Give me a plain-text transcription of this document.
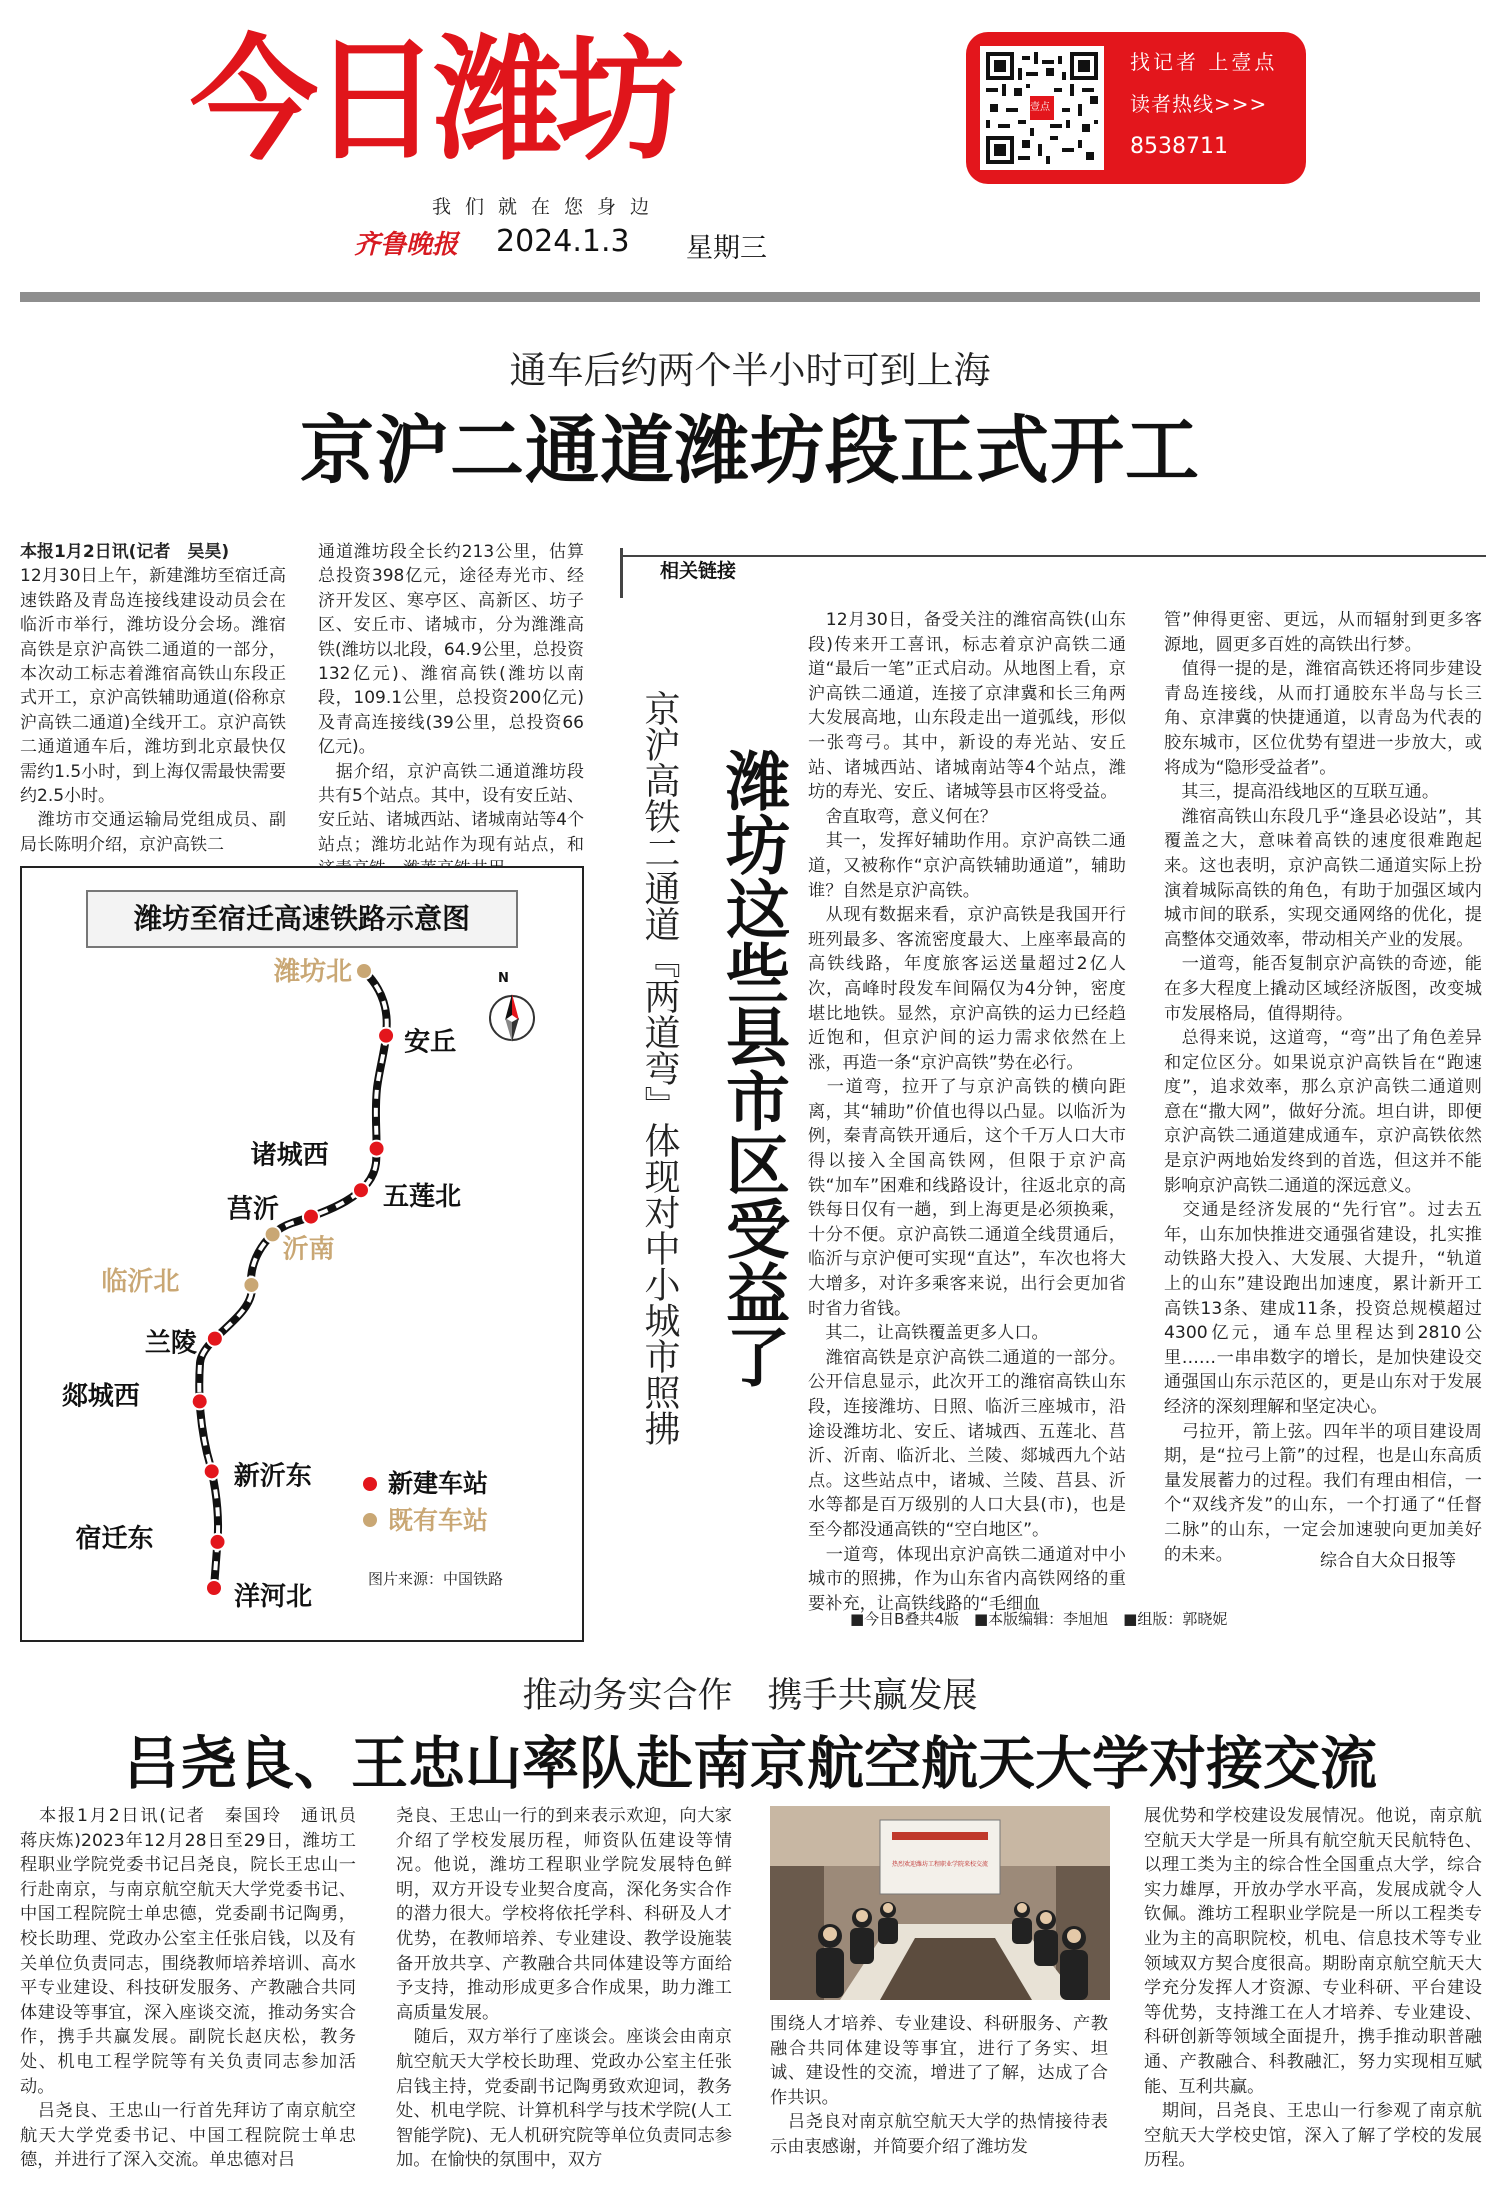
今日潍坊
我们就在您身边
齐鲁晚报 2024.1.3 星期三
壹点
找记者 上壹点
读者热线>>>
8538711
通车后约两个半小时可到上海
京沪二通道潍坊段正式开工
本报1月2日讯(记者　吴昊)
12月30日上午，新建潍坊至宿迁高速铁路及青岛连接线建设动员会在临沂市举行，潍坊设分会场。潍宿高铁是京沪高铁二通道的一部分，本次动工标志着潍宿高铁山东段正式开工，京沪高铁辅助通道(俗称京沪高铁二通道)全线开工。京沪高铁二通道通车后，潍坊到北京最快仅需约1.5小时，到上海仅需最快需要约2.5小时。
　潍坊市交通运输局党组成员、副局长陈明介绍，京沪高铁二
通道潍坊段全长约213公里，估算总投资398亿元，途径寿光市、经济开发区、寒亭区、高新区、坊子区、安丘市、诸城市，分为潍潍高铁(潍坊以北段，64.9公里，总投资132亿元)、潍宿高铁(潍坊以南段，109.1公里，总投资200亿元)及青高连接线(39公里，总投资66亿元)。
　据介绍，京沪高铁二通道潍坊段共有5个站点。其中，设有安丘站、安丘站、诸城西站、诸城南站等4个站点；潍坊北站作为现有站点，和
N
潍坊北
安丘
诸城西
五莲北
莒沂
沂南
临沂北
兰陵
郯城西
新沂东
宿迁东
洋河北
新建车站
既有车站
图片来源：中国铁路
潍坊至宿迁高速铁路示意图
相关链接
京沪高铁二通道『两道弯』体现对中小城市照拂 潍坊这些县市区受益了
　12月30日，备受关注的潍宿高铁(山东段)传来开工喜讯，标志着京沪高铁二通道“最后一笔”正式启动。从地图上看，京沪高铁二通道，连接了京津冀和长三角两大发展高地，山东段走出一道弧线，形似一张弯弓。其中，新设的寿光站、安丘站、诸城西站、诸城南站等4个站点，潍坊的寿光、安丘、诸城等县市区将受益。
　舍直取弯，意义何在？
　其一，发挥好辅助作用。京沪高铁二通道，又被称作“京沪高铁辅助通道”，辅助谁？自然是京沪高铁。
　从现有数据来看，京沪高铁是我国开行班列最多、客流密度最大、上座率最高的高铁线路，年度旅客运送量超过2亿人次，高峰时段发车间隔仅为4分钟，密度堪比地铁。显然，京沪高铁的运力已经趋近饱和，但京沪间的运力需求依然在上涨，再造一条“京沪高铁”势在必行。
　一道弯，拉开了与京沪高铁的横向距离，其“辅助”价值也得以凸显。以临沂为例，秦青高铁开通后，这个千万人口大市得以接入全国高铁网，但限于京沪高铁“加车”困难和线路设计，往返北京的高铁每日仅有一趟，到上海更是必须换乘，十分不便。京沪高铁二通道全线贯通后，临沂与京沪便可实现“直达”，车次也将大大增多，对许多乘客来说，出行会更加省时省力省钱。
　其二，让高铁覆盖更多人口。
　潍宿高铁是京沪高铁二通道的一部分。公开信息显示，此次开工的潍宿高铁山东段，连接潍坊、日照、临沂三座城市，沿途设潍坊北、安丘、诸城西、五莲北、莒沂、沂南、临沂北、兰陵、郯城西九个站点。这些站点中，诸城、兰陵、莒县、沂水等都是百万级别的人口大县(市)，也是至今都没通高铁的“空白地区”。
　一道弯，体现出京沪高铁二通道对中小城市的照拂，作为山东省内高铁网络的重要补充，让高铁线路的“毛细血
管”伸得更密、更远，从而辐射到更多客源地，圆更多百姓的高铁出行梦。
　值得一提的是，潍宿高铁还将同步建设青岛连接线，从而打通胶东半岛与长三角、京津冀的快捷通道，以青岛为代表的胶东城市，区位优势有望进一步放大，或将成为“隐形受益者”。
　其三，提高沿线地区的互联互通。
　潍宿高铁山东段几乎“逢县必设站”，其覆盖之大，意味着高铁的速度很难跑起来。这也表明，京沪高铁二通道实际上扮演着城际高铁的角色，有助于加强区域内城市间的联系，实现交通网络的优化，提高整体交通效率，带动相关产业的发展。
　一道弯，能否复制京沪高铁的奇迹，能在多大程度上撬动区域经济版图，改变城市发展格局，值得期待。
　总得来说，这道弯，“弯”出了角色差异和定位区分。如果说京沪高铁旨在“跑速度”，追求效率，那么京沪高铁二通道则意在“撒大网”，做好分流。坦白讲，即便京沪高铁二通道建成通车，京沪高铁依然是京沪两地始发终到的首选，但这并不能影响京沪高铁二通道的深远意义。
　交通是经济发展的“先行官”。过去五年，山东加快推进交通强省建设，扎实推动铁路大投入、大发展、大提升，“轨道上的山东”建设跑出加速度，累计新开工高铁13条、建成11条，投资总规模超过4300亿元，通车总里程达到2810公里……一串串数字的增长，是加快建设交通强国山东示范区的，更是山东对于发展经济的深刻理解和坚定决心。
　弓拉开，箭上弦。四年半的项目建设周期，是“拉弓上箭”的过程，也是山东高质量发展蓄力的过程。我们有理由相信，一个“双线齐发”的山东，一个打通了“任督二脉”的山东，一定会加速驶向更加美好的未来。	综合自大众日报等
■今日B叠共4版　■本版编辑：李旭旭　■组版：郭晓妮
推动务实合作　携手共赢发展
吕尧良、王忠山率队赴南京航空航天大学对接交流
　本报1月2日讯(记者　秦国玲　通讯员　蒋庆炼)2023年12月28日至29日，潍坊工程职业学院党委书记吕尧良，院长王忠山一行赴南京，与南京航空航天大学党委书记、中国工程院院士单忠德，党委副书记陶勇，校长助理、党政办公室主任张启钱，以及有关单位负责同志，围绕教师培养培训、高水平专业建设、科技研发服务、产教融合共同体建设等事宜，深入座谈交流，推动务实合作，携手共赢发展。副院长赵庆松，教务处、机电工程学院等有关负责同志参加活动。
　吕尧良、王忠山一行首先拜访了南京航空航天大学党委书记、中国工程院院士单忠德，并进行了深入交流。单忠德对吕
尧良、王忠山一行的到来表示欢迎，向大家介绍了学校发展历程，师资队伍建设等情况。他说，潍坊工程职业学院发展特色鲜明，双方开设专业契合度高，深化务实合作的潜力很大。学校将依托学科、科研及人才优势，在教师培养、专业建设、教学设施装备开放共享、产教融合共同体建设等方面给予支持，推动形成更多合作成果，助力潍工高质量发展。
　随后，双方举行了座谈会。座谈会由南京航空航天大学校长助理、党政办公室主任张启钱主持，党委副书记陶勇致欢迎词，教务处、机电学院、计算机科学与技术学院(人工智能学院)、无人机研究院等单位负责同志参加。在愉快的氛围中，双方
热烈欢迎潍坊工程职业学院来校交流
围绕人才培养、专业建设、科研服务、产教融合共同体建设等事宜，进行了务实、坦诚、建设性的交流，增进了了解，达成了合作共识。
　吕尧良对南京航空航天大学的热情接待表示由衷感谢，并简要介绍了潍坊发
展优势和学校建设发展情况。他说，南京航空航天大学是一所具有航空航天民航特色、以理工类为主的综合性全国重点大学，综合实力雄厚，开放办学水平高，发展成就令人钦佩。潍坊工程职业学院是一所以工程类专业为主的高职院校，机电、信息技术等专业领域双方契合度很高。期盼南京航空航天大学充分发挥人才资源、专业科研、平台建设等优势，支持潍工在人才培养、专业建设、科研创新等领域全面提升，携手推动职普融通、产教融合、科教融汇，努力实现相互赋能、互利共赢。
　期间，吕尧良、王忠山一行参观了南京航空航天大学校史馆，深入了解了学校的发展历程。
